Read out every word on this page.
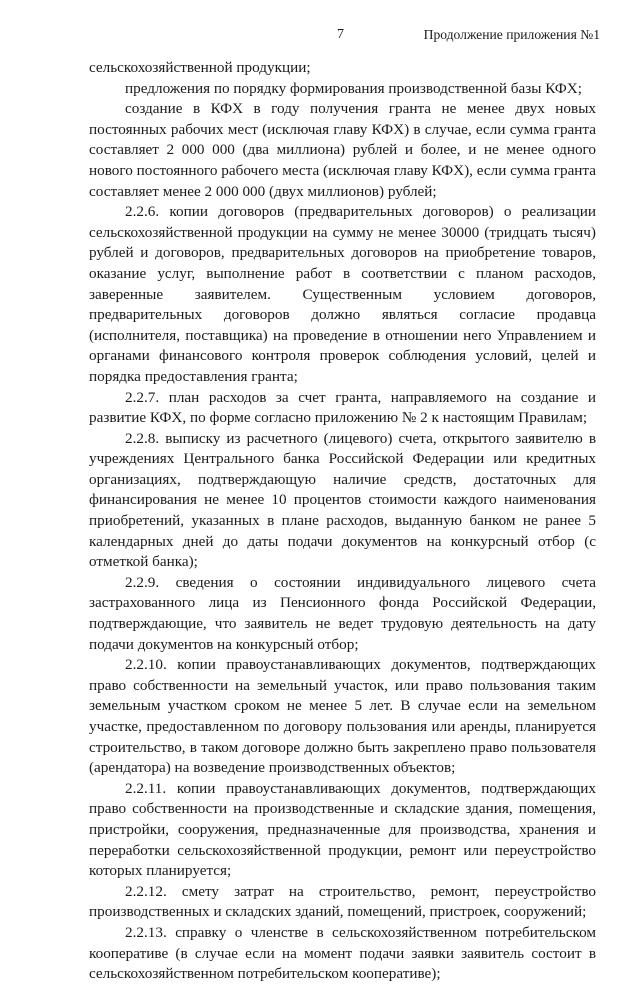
7	Продолжение приложения №1

сельскохозяйственной продукции;

предложения по порядку формирования производственной базы КФХ;

создание в КФХ в году получения гранта не менее двух новых постоянных рабочих мест (исключая главу КФХ) в случае, если сумма гранта составляет 2 000 000 (два миллиона) рублей и более, и не менее одного нового постоянного рабочего места (исключая главу КФХ), если сумма гранта составляет менее 2 000 000 (двух миллионов) рублей;

2.2.6. копии договоров (предварительных договоров) о реализации сельскохозяйственной продукции на сумму не менее 30000 (тридцать тысяч) рублей и договоров, предварительных договоров на приобретение товаров, оказание услуг, выполнение работ в соответствии с планом расходов, заверенные заявителем. Существенным условием договоров, предварительных договоров должно являться согласие продавца (исполнителя, поставщика) на проведение в отношении него Управлением и органами финансового контроля проверок соблюдения условий, целей и порядка предоставления гранта;

2.2.7. план расходов за счет гранта, направляемого на создание и развитие КФХ, по форме согласно приложению № 2 к настоящим Правилам;

2.2.8. выписку из расчетного (лицевого) счета, открытого заявителю в учреждениях Центрального банка Российской Федерации или кредитных организациях, подтверждающую наличие средств, достаточных для финансирования не менее 10 процентов стоимости каждого наименования приобретений, указанных в плане расходов, выданную банком не ранее 5 календарных дней до даты подачи документов на конкурсный отбор (с отметкой банка);

2.2.9. сведения о состоянии индивидуального лицевого счета застрахованного лица из Пенсионного фонда Российской Федерации, подтверждающие, что заявитель не ведет трудовую деятельность на дату подачи документов на конкурсный отбор;

2.2.10. копии правоустанавливающих документов, подтверждающих право собственности на земельный участок, или право пользования таким земельным участком сроком не менее 5 лет. В случае если на земельном участке, предоставленном по договору пользования или аренды, планируется строительство, в таком договоре должно быть закреплено право пользователя (арендатора) на возведение производственных объектов;

2.2.11. копии правоустанавливающих документов, подтверждающих право собственности на производственные и складские здания, помещения, пристройки, сооружения, предназначенные для производства, хранения и переработки сельскохозяйственной продукции, ремонт или переустройство которых планируется;

2.2.12. смету затрат на строительство, ремонт, переустройство производственных и складских зданий, помещений, пристроек, сооружений;

2.2.13. справку о членстве в сельскохозяйственном потребительском кооперативе (в случае если на момент подачи заявки заявитель состоит в сельскохозяйственном потребительском кооперативе);
